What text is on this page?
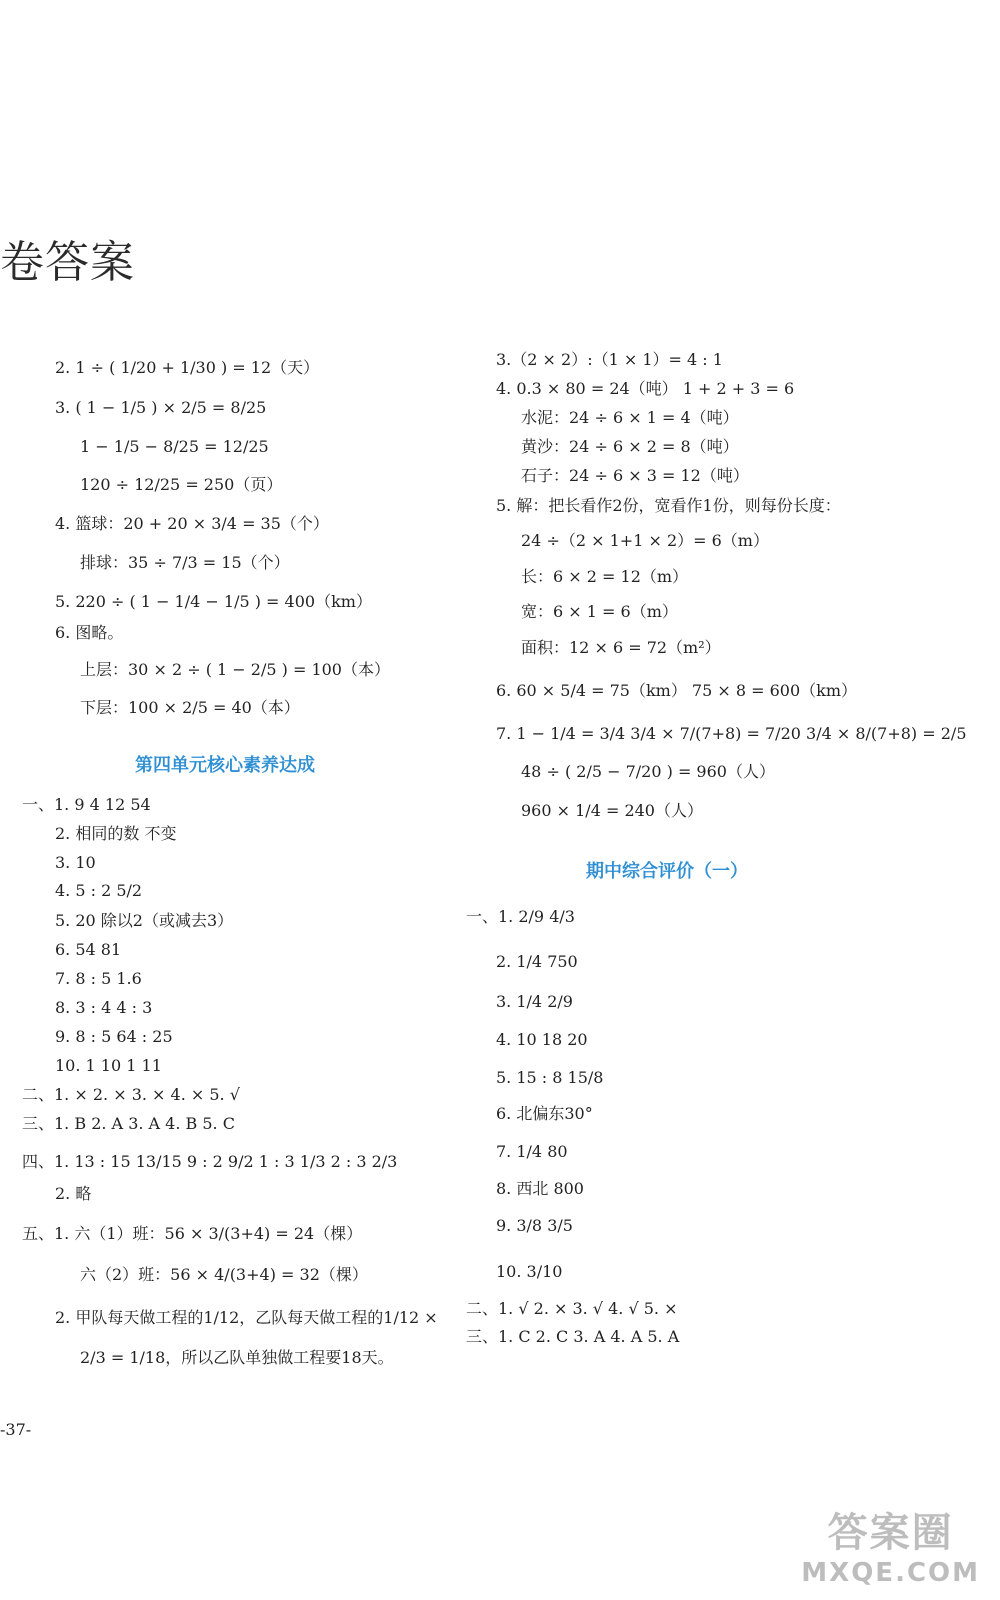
卷答案
2. 1 ÷ ( 1/20 + 1/30 ) = 12（天）
3. ( 1 − 1/5 ) × 2/5 = 8/25
1 − 1/5 − 8/25 = 12/25
120 ÷ 12/25 = 250（页）
4. 篮球：20 + 20 × 3/4 = 35（个）
排球：35 ÷ 7/3 = 15（个）
5. 220 ÷ ( 1 − 1/4 − 1/5 ) = 400（km）
6. 图略。
上层：30 × 2 ÷ ( 1 − 2/5 ) = 100（本）
下层：100 × 2/5 = 40（本）
一、1. 9 4 12 54
2. 相同的数 不变
3. 10
4. 5 : 2 5/2
5. 20 除以2（或减去3）
6. 54 81
7. 8 : 5 1.6
8. 3 : 4 4 : 3
9. 8 : 5 64 : 25
10. 1 10 1 11
二、1. × 2. × 3. × 4. × 5. √
三、1. B 2. A 3. A 4. B 5. C
四、1. 13 : 15 13/15 9 : 2 9/2 1 : 3 1/3 2 : 3 2/3
2. 略
五、1. 六（1）班：56 × 3/(3+4) = 24（棵）
六（2）班：56 × 4/(3+4) = 32（棵）
2. 甲队每天做工程的1/12，乙队每天做工程的1/12 ×
2/3 = 1/18，所以乙队单独做工程要18天。
第四单元核心素养达成
3.（2 × 2）:（1 × 1）= 4 : 1
4. 0.3 × 80 = 24（吨） 1 + 2 + 3 = 6
水泥：24 ÷ 6 × 1 = 4（吨）
黄沙：24 ÷ 6 × 2 = 8（吨）
石子：24 ÷ 6 × 3 = 12（吨）
5. 解：把长看作2份，宽看作1份，则每份长度：
24 ÷（2 × 1+1 × 2）= 6（m）
长：6 × 2 = 12（m）
宽：6 × 1 = 6（m）
面积：12 × 6 = 72（m²）
6. 60 × 5/4 = 75（km） 75 × 8 = 600（km）
7. 1 − 1/4 = 3/4 3/4 × 7/(7+8) = 7/20 3/4 × 8/(7+8) = 2/5
48 ÷ ( 2/5 − 7/20 ) = 960（人）
960 × 1/4 = 240（人）
一、1. 2/9 4/3
2. 1/4 750
3. 1/4 2/9
4. 10 18 20
5. 15 : 8 15/8
6. 北偏东30°
7. 1/4 80
8. 西北 800
9. 3/8 3/5
10. 3/10
二、1. √ 2. × 3. √ 4. √ 5. ×
三、1. C 2. C 3. A 4. A 5. A
期中综合评价（一）
-37-
答案圈
MXQE.COM
